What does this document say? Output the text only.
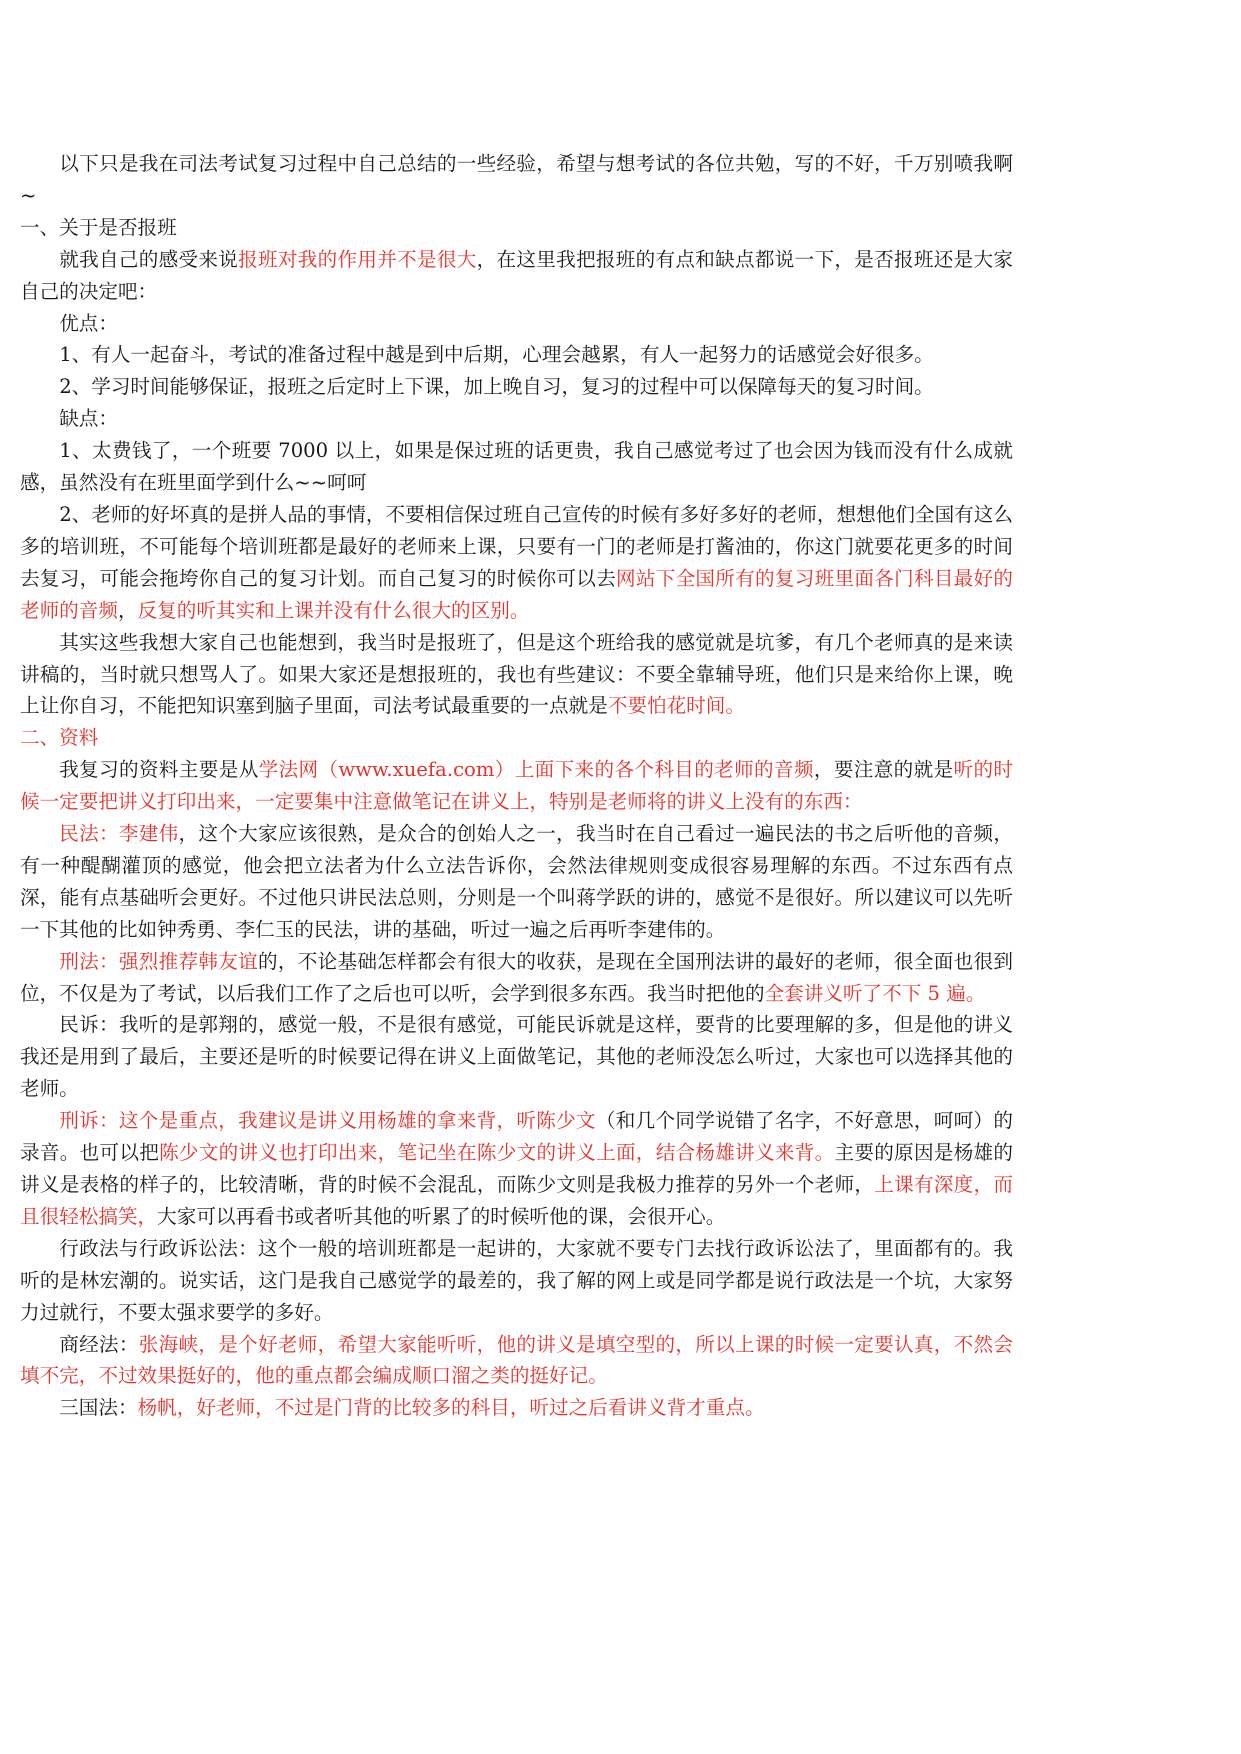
以下只是我在司法考试复习过程中自己总结的一些经验，希望与想考试的各位共勉，写的不好，千万别喷我啊~

一、关于是否报班

就我自己的感受来说报班对我的作用并不是很大，在这里我把报班的有点和缺点都说一下，是否报班还是大家自己的决定吧：

优点：

1、有人一起奋斗，考试的准备过程中越是到中后期，心理会越累，有人一起努力的话感觉会好很多。

2、学习时间能够保证，报班之后定时上下课，加上晚自习，复习的过程中可以保障每天的复习时间。

缺点：

1、太费钱了，一个班要 7000 以上，如果是保过班的话更贵，我自己感觉考过了也会因为钱而没有什么成就感，虽然没有在班里面学到什么~~呵呵

2、老师的好坏真的是拼人品的事情，不要相信保过班自己宣传的时候有多好多好的老师，想想他们全国有这么多的培训班，不可能每个培训班都是最好的老师来上课，只要有一门的老师是打酱油的，你这门就要花更多的时间去复习，可能会拖垮你自己的复习计划。而自己复习的时候你可以去网站下全国所有的复习班里面各门科目最好的老师的音频，反复的听其实和上课并没有什么很大的区别。

其实这些我想大家自己也能想到，我当时是报班了，但是这个班给我的感觉就是坑爹，有几个老师真的是来读讲稿的，当时就只想骂人了。如果大家还是想报班的，我也有些建议：不要全靠辅导班，他们只是来给你上课，晚上让你自习，不能把知识塞到脑子里面，司法考试最重要的一点就是不要怕花时间。

二、资料

我复习的资料主要是从学法网（www.xuefa.com）上面下来的各个科目的老师的音频，要注意的就是听的时候一定要把讲义打印出来，一定要集中注意做笔记在讲义上，特别是老师将的讲义上没有的东西：

民法：李建伟，这个大家应该很熟，是众合的创始人之一，我当时在自己看过一遍民法的书之后听他的音频，有一种醍醐灌顶的感觉，他会把立法者为什么立法告诉你，会然法律规则变成很容易理解的东西。不过东西有点深，能有点基础听会更好。不过他只讲民法总则，分则是一个叫蒋学跃的讲的，感觉不是很好。所以建议可以先听一下其他的比如钟秀勇、李仁玉的民法，讲的基础，听过一遍之后再听李建伟的。

刑法：强烈推荐韩友谊的，不论基础怎样都会有很大的收获，是现在全国刑法讲的最好的老师，很全面也很到位，不仅是为了考试，以后我们工作了之后也可以听，会学到很多东西。我当时把他的全套讲义听了不下 5 遍。

民诉：我听的是郭翔的，感觉一般，不是很有感觉，可能民诉就是这样，要背的比要理解的多，但是他的讲义我还是用到了最后，主要还是听的时候要记得在讲义上面做笔记，其他的老师没怎么听过，大家也可以选择其他的老师。

刑诉：这个是重点，我建议是讲义用杨雄的拿来背，听陈少文（和几个同学说错了名字，不好意思，呵呵）的录音。也可以把陈少文的讲义也打印出来，笔记坐在陈少文的讲义上面，结合杨雄讲义来背。主要的原因是杨雄的讲义是表格的样子的，比较清晰，背的时候不会混乱，而陈少文则是我极力推荐的另外一个老师，上课有深度，而且很轻松搞笑，大家可以再看书或者听其他的听累了的时候听他的课，会很开心。

行政法与行政诉讼法：这个一般的培训班都是一起讲的，大家就不要专门去找行政诉讼法了，里面都有的。我听的是林宏潮的。说实话，这门是我自己感觉学的最差的，我了解的网上或是同学都是说行政法是一个坑，大家努力过就行，不要太强求要学的多好。

商经法：张海峡，是个好老师，希望大家能听听，他的讲义是填空型的，所以上课的时候一定要认真，不然会填不完，不过效果挺好的，他的重点都会编成顺口溜之类的挺好记。

三国法：杨帆，好老师，不过是门背的比较多的科目，听过之后看讲义背才重点。
